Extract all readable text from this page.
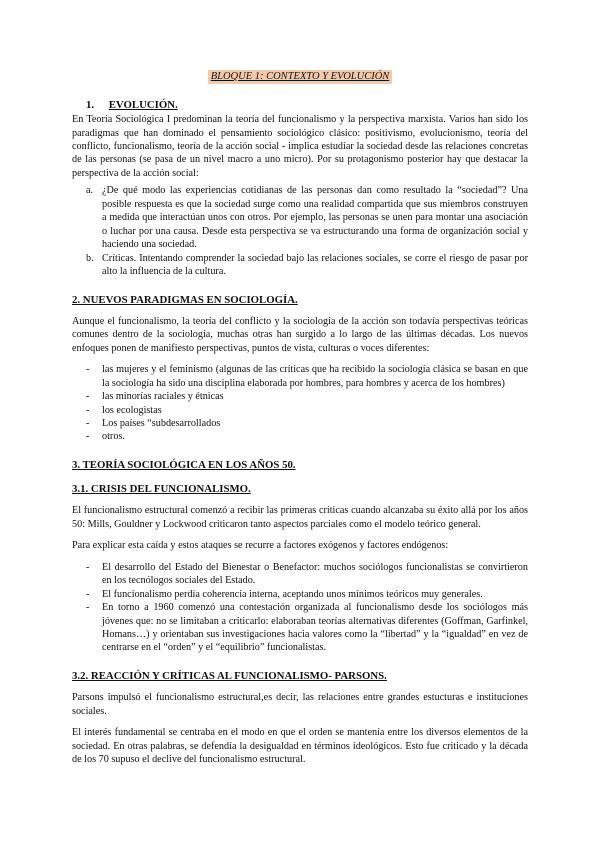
BLOQUE 1: CONTEXTO Y EVOLUCIÓN
1. EVOLUCIÓN.

En Teoría Sociológica I predominan la teoría del funcionalismo y la perspectiva marxista. Varios han sido los paradigmas que han dominado el pensamiento sociológico clásico: positivismo, evolucionismo, teoría del conflicto, funcionalismo, teoría de la acción social - implica estudiar la sociedad desde las relaciones concretas de las personas (se pasa de un nivel macro a uno micro). Por su protagonismo posterior hay que destacar la perspectiva de la acción social:

a. ¿De qué modo las experiencias cotidianas de las personas dan como resultado la “sociedad”? Una posible respuesta es que la sociedad surge como una realidad compartida que sus miembros construyen a medida que interactúan unos con otros. Por ejemplo, las personas se unen para montar una asociación o luchar por una causa. Desde esta perspectiva se va estructurando una forma de organización social y haciendo una sociedad.
b. Críticas. Intentando comprender la sociedad bajo las relaciones sociales, se corre el riesgo de pasar por alto la influencia de la cultura.
2. NUEVOS PARADIGMAS EN SOCIOLOGÍA.

Aunque el funcionalismo, la teoría del conflicto y la sociología de la acción son todavía perspectivas teóricas comunes dentro de la sociología, muchas otras han surgido a lo largo de las últimas décadas. Los nuevos enfoques ponen de manifiesto perspectivas, puntos de vista, culturas o voces diferentes:

- las mujeres y el feminismo (algunas de las críticas que ha recibido la sociología clásica se basan en que la sociología ha sido una disciplina elaborada por hombres, para hombres y acerca de los hombres)
- las minorías raciales y étnicas
- los ecologistas
- Los países “subdesarrollados
- otros.
3. TEORÍA SOCIOLÓGICA EN LOS AÑOS 50.
3.1. CRISIS DEL FUNCIONALISMO.

El funcionalismo estructural comenzó a recibir las primeras críticas cuando alcanzaba su éxito allá por los años 50: Mills, Gouldner y Lockwood criticaron tanto aspectos parciales como el modelo teórico general.

Para explicar esta caída y estos ataques se recurre a factores exógenos y factores endógenos:

- El desarrollo del Estado del Bienestar o Benefactor: muchos sociólogos funcionalistas se convirtieron en los tecnólogos sociales del Estado.
- El funcionalismo perdía coherencia interna, aceptando unos mínimos teóricos muy generales.
- En torno a 1960 comenzó una contestación organizada al funcionalismo desde los sociólogos más jóvenes que: no se limitaban a criticarlo: elaboraban teorías alternativas diferentes (Goffman, Garfinkel, Homans…) y orientaban sus investigaciones hacia valores como la “libertad” y la “igualdad” en vez de centrarse en el “orden” y el “equilibrio” funcionalistas.
3.2. REACCIÓN Y CRÍTICAS AL FUNCIONALISMO- PARSONS.

Parsons impulsó el funcionalismo estructural,es decir, las relaciones entre grandes estucturas e instituciones sociales.

El interés fundamental se centraba en el modo en que el orden se mantenía entre los diversos elementos de la sociedad. En otras palabras, se defendía la desigualdad en términos ideológicos. Esto fue criticado y la década de los 70 supuso el declive del funcionalismo estructural.
